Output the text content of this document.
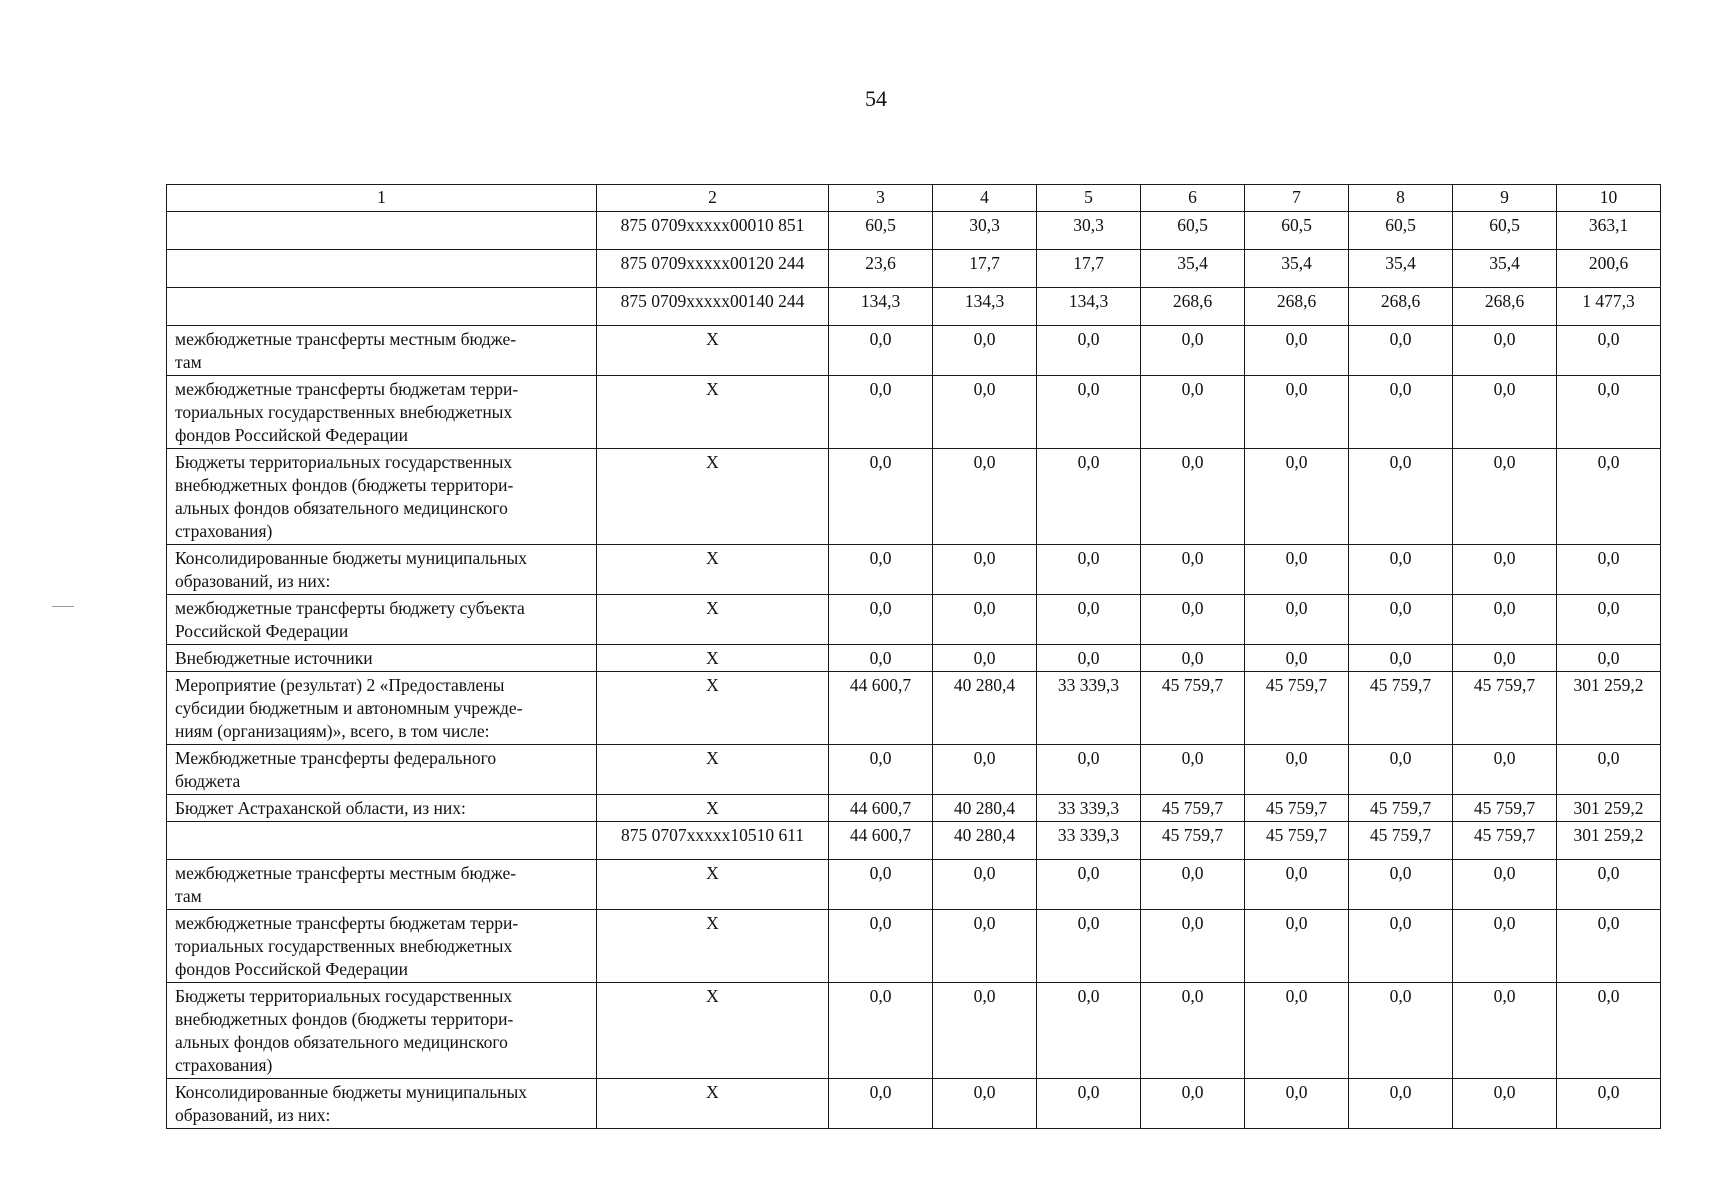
54
1	2	3	4	5	6	7	8	9	10
	875 0709xxxxx00010 851	60,5	30,3	30,3	60,5	60,5	60,5	60,5	363,1
	875 0709xxxxx00120 244	23,6	17,7	17,7	35,4	35,4	35,4	35,4	200,6
	875 0709xxxxx00140 244	134,3	134,3	134,3	268,6	268,6	268,6	268,6	1 477,3
межбюджетные трансферты местным бюдже-
там	X	0,0	0,0	0,0	0,0	0,0	0,0	0,0	0,0
межбюджетные трансферты бюджетам терри-
ториальных государственных внебюджетных
фондов Российской Федерации	X	0,0	0,0	0,0	0,0	0,0	0,0	0,0	0,0
Бюджеты территориальных государственных
внебюджетных фондов (бюджеты территори-
альных фондов обязательного медицинского
страхования)	X	0,0	0,0	0,0	0,0	0,0	0,0	0,0	0,0
Консолидированные бюджеты муниципальных
образований, из них:	X	0,0	0,0	0,0	0,0	0,0	0,0	0,0	0,0
межбюджетные трансферты бюджету субъекта
Российской Федерации	X	0,0	0,0	0,0	0,0	0,0	0,0	0,0	0,0
Внебюджетные источники	X	0,0	0,0	0,0	0,0	0,0	0,0	0,0	0,0
Мероприятие (результат) 2 «Предоставлены
субсидии бюджетным и автономным учрежде-
ниям (организациям)», всего, в том числе:	X	44 600,7	40 280,4	33 339,3	45 759,7	45 759,7	45 759,7	45 759,7	301 259,2
Межбюджетные трансферты федерального
бюджета	X	0,0	0,0	0,0	0,0	0,0	0,0	0,0	0,0
Бюджет Астраханской области, из них:	X	44 600,7	40 280,4	33 339,3	45 759,7	45 759,7	45 759,7	45 759,7	301 259,2
	875 0707xxxxx10510 611	44 600,7	40 280,4	33 339,3	45 759,7	45 759,7	45 759,7	45 759,7	301 259,2
межбюджетные трансферты местным бюдже-
там	X	0,0	0,0	0,0	0,0	0,0	0,0	0,0	0,0
межбюджетные трансферты бюджетам терри-
ториальных государственных внебюджетных
фондов Российской Федерации	X	0,0	0,0	0,0	0,0	0,0	0,0	0,0	0,0
Бюджеты территориальных государственных
внебюджетных фондов (бюджеты территори-
альных фондов обязательного медицинского
страхования)	X	0,0	0,0	0,0	0,0	0,0	0,0	0,0	0,0
Консолидированные бюджеты муниципальных
образований, из них:	X	0,0	0,0	0,0	0,0	0,0	0,0	0,0	0,0
